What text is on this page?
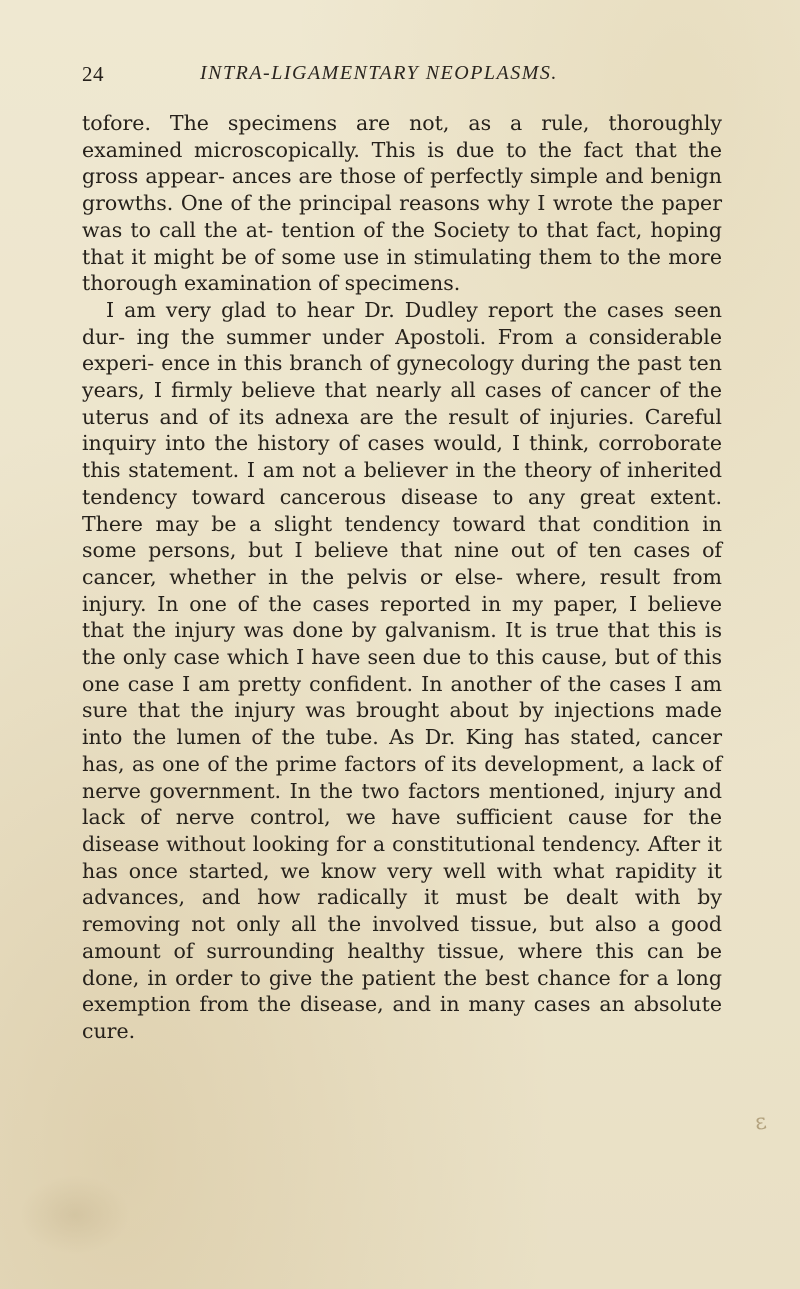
24	INTRA-LIGAMENTARY NEOPLASMS.

tofore. The specimens are not, as a rule, thoroughly examined microscopically. This is due to the fact that the gross appear- ances are those of perfectly simple and benign growths. One of the principal reasons why I wrote the paper was to call the at- tention of the Society to that fact, hoping that it might be of some use in stimulating them to the more thorough examination of specimens.

I am very glad to hear Dr. Dudley report the cases seen dur- ing the summer under Apostoli. From a considerable experi- ence in this branch of gynecology during the past ten years, I firmly believe that nearly all cases of cancer of the uterus and of its adnexa are the result of injuries. Careful inquiry into the history of cases would, I think, corroborate this statement. I am not a believer in the theory of inherited tendency toward cancerous disease to any great extent. There may be a slight tendency toward that condition in some persons, but I believe that nine out of ten cases of cancer, whether in the pelvis or else- where, result from injury. In one of the cases reported in my paper, I believe that the injury was done by galvanism. It is true that this is the only case which I have seen due to this cause, but of this one case I am pretty confident. In another of the cases I am sure that the injury was brought about by injections made into the lumen of the tube. As Dr. King has stated, cancer has, as one of the prime factors of its development, a lack of nerve government. In the two factors mentioned, injury and lack of nerve control, we have sufficient cause for the disease without looking for a constitutional tendency. After it has once started, we know very well with what rapidity it advances, and how radically it must be dealt with by removing not only all the involved tissue, but also a good amount of surrounding healthy tissue, where this can be done, in order to give the patient the best chance for a long exemption from the disease, and in many cases an absolute cure.

ɛ
